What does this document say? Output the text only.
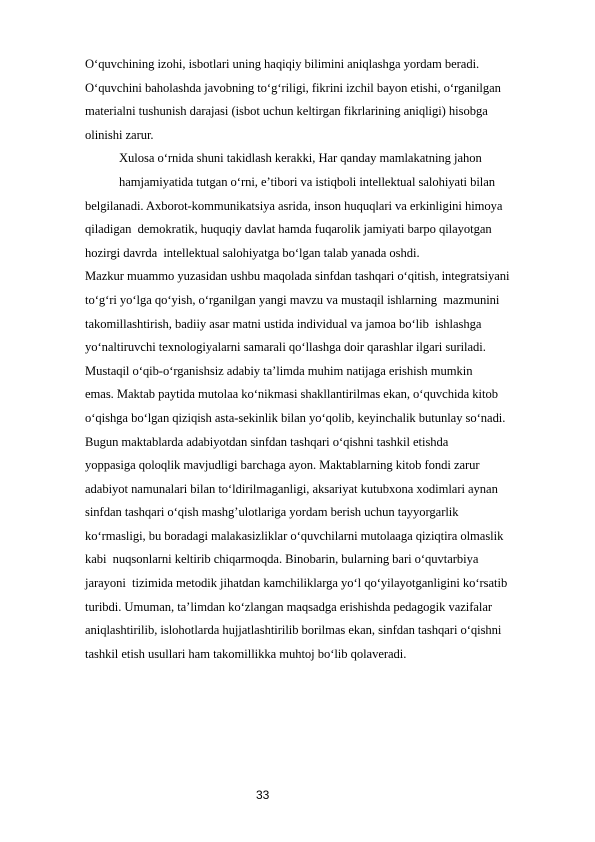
O‘quvchining izohi, isbotlari uning haqiqiy bilimini aniqlashga yordam beradi.
O‘quvchini baholashda javobning to‘g‘riligi, fikrini izchil bayon etishi, o‘rganilgan
materialni tushunish darajasi (isbot uchun keltirgan fikrlarining aniqligi) hisobga
olinishi zarur.
Xulosa o‘rnida shuni takidlash kerakki, Har qanday mamlakatning jahon
hamjamiyatida tutgan o‘rni, e’tibori va istiqboli intellektual salohiyati bilan
belgilanadi. Axborot-kommunikatsiya asrida, inson huquqlari va erkinligini himoya
qiladigan  demokratik, huquqiy davlat hamda fuqarolik jamiyati barpo qilayotgan
hozirgi davrda  intellektual salohiyatga bo‘lgan talab yanada oshdi.
Mazkur muammo yuzasidan ushbu maqolada sinfdan tashqari o‘qitish, integratsiyani
to‘g‘ri yo‘lga qo‘yish, o‘rganilgan yangi mavzu va mustaqil ishlarning  mazmunini
takomillashtirish, badiiy asar matni ustida individual va jamoa bo‘lib  ishlashga
yo‘naltiruvchi texnologiyalarni samarali qo‘llashga doir qarashlar ilgari suriladi.
Mustaqil o‘qib-o‘rganishsiz adabiy ta’limda muhim natijaga erishish mumkin
emas. Maktab paytida mutolaa ko‘nikmasi shakllantirilmas ekan, o‘quvchida kitob
o‘qishga bo‘lgan qiziqish asta-sekinlik bilan yo‘qolib, keyinchalik butunlay so‘nadi.
Bugun maktablarda adabiyotdan sinfdan tashqari o‘qishni tashkil etishda
yoppasiga qoloqlik mavjudligi barchaga ayon. Maktablarning kitob fondi zarur
adabiyot namunalari bilan to‘ldirilmaganligi, aksariyat kutubxona xodimlari aynan
sinfdan tashqari o‘qish mashg’ulotlariga yordam berish uchun tayyorgarlik
ko‘rmasligi, bu boradagi malakasizliklar o‘quvchilarni mutolaaga qiziqtira olmaslik
kabi  nuqsonlarni keltirib chiqarmoqda. Binobarin, bularning bari o‘quvtarbiya
jarayoni  tizimida metodik jihatdan kamchiliklarga yo‘l qo‘yilayotganligini ko‘rsatib
turibdi. Umuman, ta’limdan ko‘zlangan maqsadga erishishda pedagogik vazifalar
aniqlashtirilib, islohotlarda hujjatlashtirilib borilmas ekan, sinfdan tashqari o‘qishni
tashkil etish usullari ham takomillikka muhtoj bo‘lib qolaveradi.
33
